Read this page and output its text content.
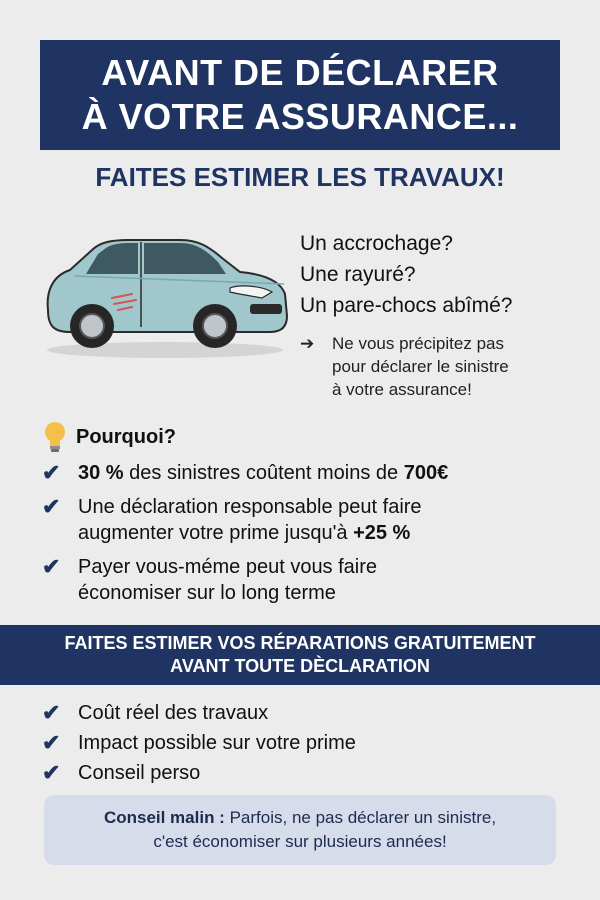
AVANT DE DÉCLARER
À VOTRE ASSURANCE...
FAITES ESTIMER LES TRAVAUX!
Un accrochage?
Une rayuré?
Un pare-chocs abîmé?
➔ Ne vous précipitez pas
pour déclarer le sinistre
à votre assurance!
Pourquoi?
✔ 30 % des sinistres coûtent moins de 700€
✔ Une déclaration responsable peut faire
augmenter votre prime jusqu'à +25 %
✔ Payer vous-méme peut vous faire
économiser sur lo long terme
FAITES ESTIMER VOS RÉPARATIONS GRATUITEMENT
AVANT TOUTE DÈCLARATION
✔ Coût réel des travaux
✔ Impact possible sur votre prime
✔ Conseil perso
Conseil malin : Parfois, ne pas déclarer un sinistre,
c'est économiser sur plusieurs années!
